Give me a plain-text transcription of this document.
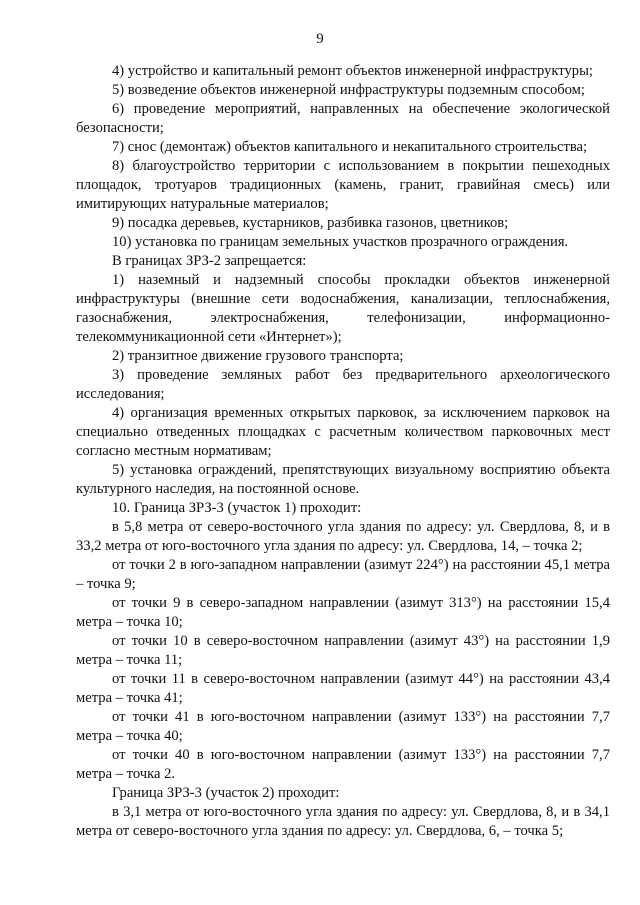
9

4) устройство и капитальный ремонт объектов инженерной инфраструктуры;

5) возведение объектов инженерной инфраструктуры подземным способом;

6) проведение мероприятий, направленных на обеспечение экологической безопасности;

7) снос (демонтаж) объектов капитального и некапитального строительства;

8) благоустройство территории с использованием в покрытии пешеходных площадок, тротуаров традиционных (камень, гранит, гравийная смесь) или имитирующих натуральные материалов;

9) посадка деревьев, кустарников, разбивка газонов, цветников;

10) установка по границам земельных участков прозрачного ограждения.

В границах ЗРЗ-2 запрещается:

1) наземный и надземный способы прокладки объектов инженерной инфраструктуры (внешние сети водоснабжения, канализации, теплоснабжения, газоснабжения, электроснабжения, телефонизации, информационно-телекоммуникационной сети «Интернет»);

2) транзитное движение грузового транспорта;

3) проведение земляных работ без предварительного археологического исследования;

4) организация временных открытых парковок, за исключением парковок на специально отведенных площадках с расчетным количеством парковочных мест согласно местным нормативам;

5) установка ограждений, препятствующих визуальному восприятию объекта культурного наследия, на постоянной основе.

10. Граница ЗРЗ-3 (участок 1) проходит:

в 5,8 метра от северо-восточного угла здания по адресу: ул. Свердлова, 8, и в 33,2 метра от юго-восточного угла здания по адресу: ул. Свердлова, 14, – точка 2;

от точки 2 в юго-западном направлении (азимут 224°) на расстоянии 45,1 метра – точка 9;

от точки 9 в северо-западном направлении (азимут 313°) на расстоянии 15,4 метра – точка 10;

от точки 10 в северо-восточном направлении (азимут 43°) на расстоянии 1,9 метра – точка 11;

от точки 11 в северо-восточном направлении (азимут 44°) на расстоянии 43,4 метра – точка 41;

от точки 41 в юго-восточном направлении (азимут 133°) на расстоянии 7,7 метра – точка 40;

от точки 40 в юго-восточном направлении (азимут 133°) на расстоянии 7,7 метра – точка 2.

Граница ЗРЗ-3 (участок 2) проходит:

в 3,1 метра от юго-восточного угла здания по адресу: ул. Свердлова, 8, и в 34,1 метра от северо-восточного угла здания по адресу: ул. Свердлова, 6, – точка 5;
